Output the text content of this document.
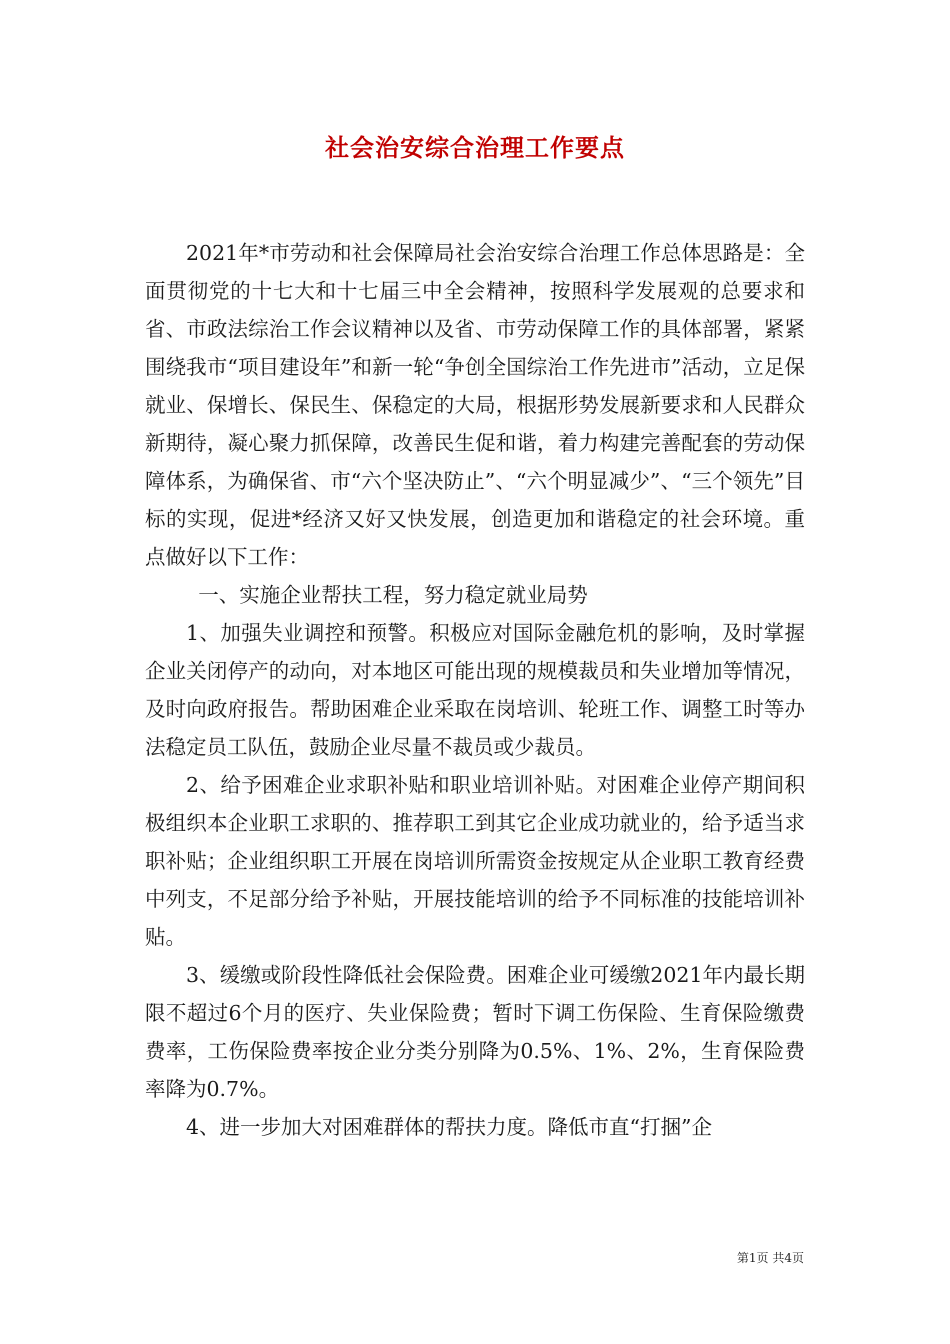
社会治安综合治理工作要点

2021年*市劳动和社会保障局社会治安综合治理工作总体思路是：全面贯彻党的十七大和十七届三中全会精神，按照科学发展观的总要求和省、市政法综治工作会议精神以及省、市劳动保障工作的具体部署，紧紧围绕我市“项目建设年”和新一轮“争创全国综治工作先进市”活动，立足保就业、保增长、保民生、保稳定的大局，根据形势发展新要求和人民群众新期待，凝心聚力抓保障，改善民生促和谐，着力构建完善配套的劳动保障体系，为确保省、市“六个坚决防止”、“六个明显减少”、“三个领先”目标的实现，促进*经济又好又快发展，创造更加和谐稳定的社会环境。重点做好以下工作：

一、实施企业帮扶工程，努力稳定就业局势

1、加强失业调控和预警。积极应对国际金融危机的影响，及时掌握企业关闭停产的动向，对本地区可能出现的规模裁员和失业增加等情况，及时向政府报告。帮助困难企业采取在岗培训、轮班工作、调整工时等办法稳定员工队伍，鼓励企业尽量不裁员或少裁员。

2、给予困难企业求职补贴和职业培训补贴。对困难企业停产期间积极组织本企业职工求职的、推荐职工到其它企业成功就业的，给予适当求职补贴；企业组织职工开展在岗培训所需资金按规定从企业职工教育经费中列支，不足部分给予补贴，开展技能培训的给予不同标准的技能培训补贴。

3、缓缴或阶段性降低社会保险费。困难企业可缓缴2021年内最长期限不超过6个月的医疗、失业保险费；暂时下调工伤保险、生育保险缴费费率，工伤保险费率按企业分类分别降为0.5%、1%、2%，生育保险费率降为0.7%。

4、进一步加大对困难群体的帮扶力度。降低市直“打捆”企

第1页 共4页
